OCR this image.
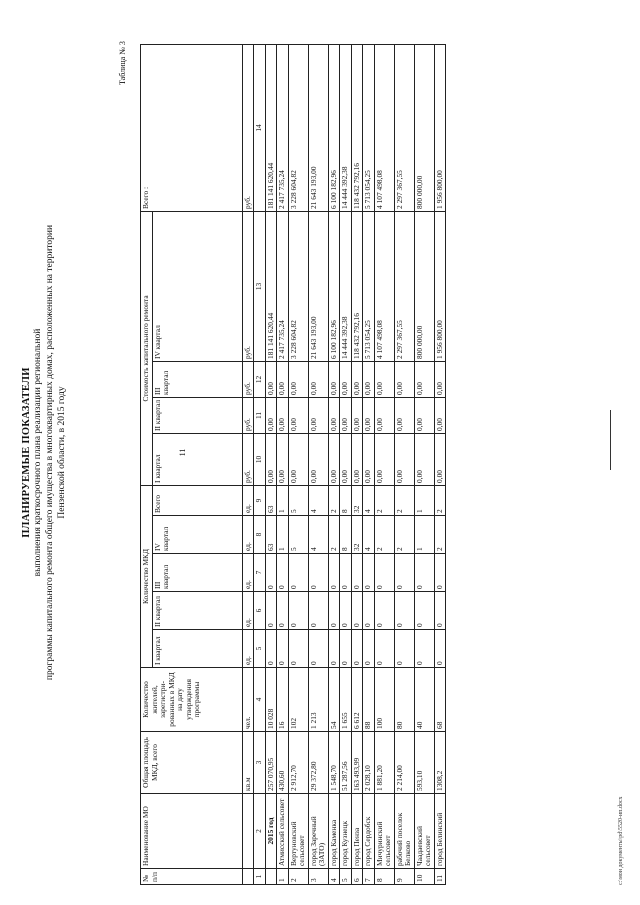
11
ПЛАНИРУЕМЫЕ ПОКАЗАТЕЛИ выполнения краткосрочного плана реализации региональной программы капитального ремонта общего имущества в многоквартирных домах, расположенных на территории Пензенской области, в 2015 году
Таблица № 3
№ п/п	Наименование МО	Общая площадь МКД, всего	Количество жителей, зарегистри-рованных в МКД на дату утверждения программы	Количество МКД					Стоимость капитального ремонта				Всего :
				I квартал	II квартал	III квартал	IV квартал	Всего	I квартал	II квартал	III квартал	IV квартал	
		кв.м	чел.	ед.	ед.	ед.	ед.	ед.	руб.	руб.	руб.	руб.	руб.
1	2	3	4	5	6	7	8	9	10	11	12	13	14
	2015 год	257 070,95	10 028	0	0	0	63	63	0,00	0,00	0,00	181 141 620,44	181 141 620,44
1	Атмисский сельсовет	430,60	16	0	0	0	1	1	0,00	0,00	0,00	2 417 735,24	2 417 735,24
2	Вертуновский сельсовет	2 912,70	102	0	0	0	5	5	0,00	0,00	0,00	3 228 604,82	3 228 604,82
3	город Заречный (ЗАТО)	29 372,80	1 213	0	0	0	4	4	0,00	0,00	0,00	21 643 193,00	21 643 193,00
4	город Каменка	1 548,70	54	0	0	0	2	2	0,00	0,00	0,00	6 100 182,96	6 100 182,96
5	город Кузнецк	51 287,56	1 655	0	0	0	8	8	0,00	0,00	0,00	14 444 392,38	14 444 392,38
6	город Пенза	163 493,99	6 612	0	0	0	32	32	0,00	0,00	0,00	118 432 792,16	118 432 792,16
7	город Сердобск	2 028,10	88	0	0	0	4	4	0,00	0,00	0,00	5 713 054,25	5 713 054,25
8	Мичуринский сельсовет	1 881,20	100	0	0	0	2	2	0,00	0,00	0,00	4 107 498,08	4 107 498,08
9	рабочий поселок Белково	2 214,00	80	0	0	0	2	2	0,00	0,00	0,00	2 297 367,55	2 297 367,55
10	Чаадаевский сельсовет	593,10	40	0	0	0	1	1	0,00	0,00	0,00	800 000,00	800 000,00
11	город Белинский	1308,2	68	0	0	0	2	2	0,00	0,00	0,00	1 956 800,00	1 956 800,00
c:\мои документы\pd\5520-ип.docx
